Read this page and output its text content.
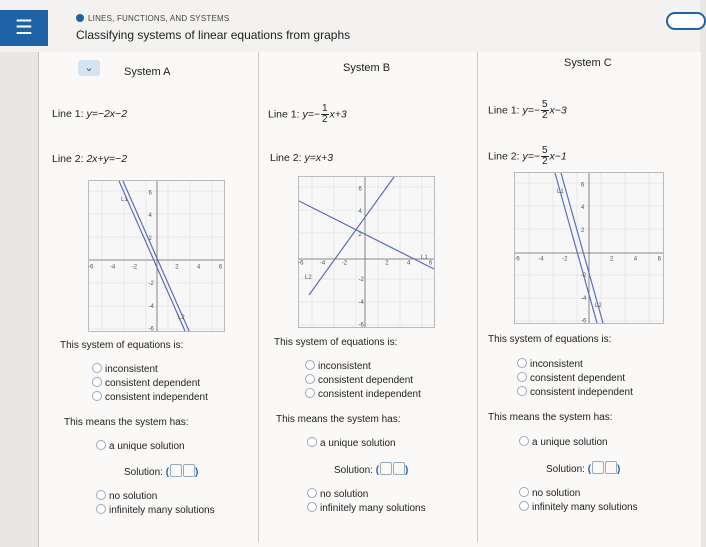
☰	LINES, FUNCTIONS, AND SYSTEMS
Classifying systems of linear equations from graphs
⌄	System A
Line 1: y=−2x−2
Line 2: 2x+y=−2
L1
L2
-6	-4	-2	2	4	6
6
4
2
-2
-4
-6
This system of equations is:
inconsistent
consistent dependent
consistent independent
This means the system has:
a unique solution
Solution: (	)
no solution
infinitely many solutions
System B
Line 1: $y=- \frac{1}{2} x+3$
Line 2: y=x+3
L1
L2
-6	-4	-2	2	4	6
6
4
2
-2
-4
-6
This system of equations is:
inconsistent
consistent dependent
consistent independent
This means the system has:
a unique solution
Solution: (	)
no solution
infinitely many solutions
System C
Line 1: $y=- \frac{5}{2} x-3$
Line 2: $y=- \frac{5}{2} x-1$
L1
L2
-6	-4	-2	2	4	6
6
4
2
-2
-4
-6
This system of equations is:
inconsistent
consistent dependent
consistent independent
This means the system has:
a unique solution
Solution: (	)
no solution
infinitely many solutions
